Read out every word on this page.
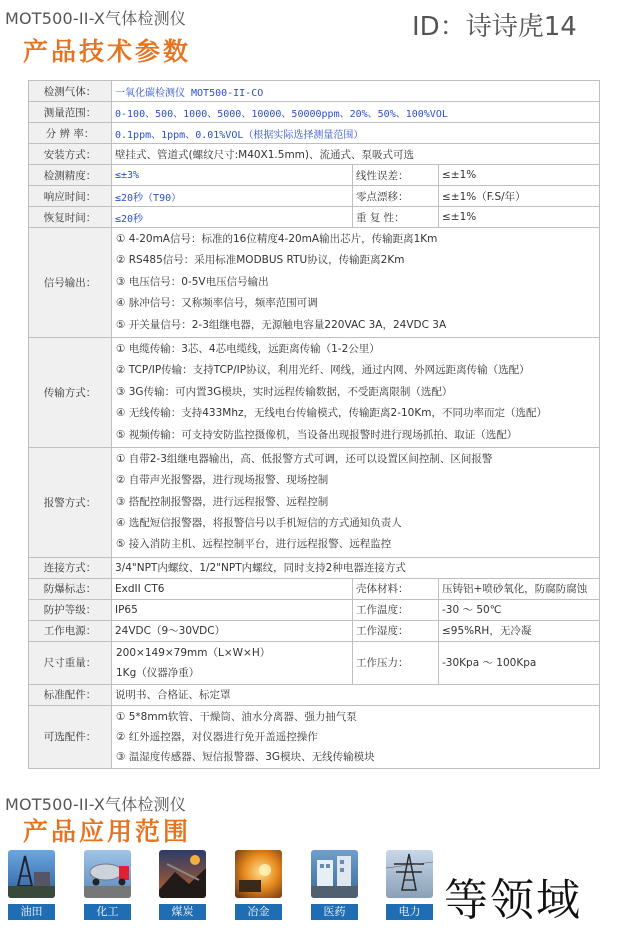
MOT500-II-X气体检测仪	ID：诗诗虎14
产品技术参数
检测气体：	一氧化碳检测仪 MOT500-II-CO		
测量范围：	0-100、500、1000、5000、10000、50000ppm、20%、50%、100%VOL		
分 辨 率：	0.1ppm、1ppm、0.01%VOL（根据实际选择测量范围）		
安装方式：	壁挂式、管道式(螺纹尺寸:M40X1.5mm)、流通式、泵吸式可选		
检测精度：	≤±3%	线性误差：	≤±1%
响应时间：	≤20秒（T90）	零点漂移：	≤±1%（F.S/年）
恢复时间：	≤20秒	重 复 性：	≤±1%
信号输出：	① 4-20mA信号：标准的16位精度4-20mA输出芯片，传输距离1Km
② RS485信号：采用标准MODBUS RTU协议，传输距离2Km
③ 电压信号：0-5V电压信号输出
④ 脉冲信号：又称频率信号，频率范围可调
⑤ 开关量信号：2-3组继电器，无源触电容量220VAC 3A，24VDC 3A		

传输方式：	① 电缆传输：3芯、4芯电缆线，远距离传输（1-2公里）
② TCP/IP传输：支持TCP/IP协议，利用光纤、网线，通过内网、外网远距离传输（选配）
③ 3G传输：可内置3G模块，实时远程传输数据，不受距离限制（选配）
④ 无线传输：支持433Mhz，无线电台传输模式，传输距离2-10Km，不同功率而定（选配）
⑤ 视频传输：可支持安防监控摄像机，当设备出现报警时进行现场抓拍、取证（选配）		

报警方式：	① 自带2-3组继电器输出，高、低报警方式可调，还可以设置区间控制、区间报警
② 自带声光报警器，进行现场报警、现场控制
③ 搭配控制报警器，进行远程报警、远程控制
④ 选配短信报警器，将报警信号以手机短信的方式通知负责人
⑤ 接入消防主机、远程控制平台，进行远程报警、远程监控		

连接方式：	3/4"NPT内螺纹、1/2"NPT内螺纹，同时支持2种电器连接方式		
防爆标志：	ExdII CT6	壳体材料：	压铸铝+喷砂氧化，防腐防腐蚀
防护等级：	IP65	工作温度：	-30 ～ 50℃
工作电源：	24VDC（9～30VDC）	工作湿度：	≤95%RH，无冷凝
尺寸重量：	200×149×79mm（L×W×H）
1Kg（仪器净重）	工作压力：	-30Kpa ～ 100Kpa
标准配件：	说明书、合格证、标定罩		
可选配件：	① 5*8mm软管、干燥筒、油水分离器、强力抽气泵
② 红外遥控器，对仪器进行免开盖遥控操作
③ 温湿度传感器、短信报警器、3G模块、无线传输模块		
MOT500-II-X气体检测仪
产品应用范围
油田	化工	煤炭	冶金	医药	电力 等领域
